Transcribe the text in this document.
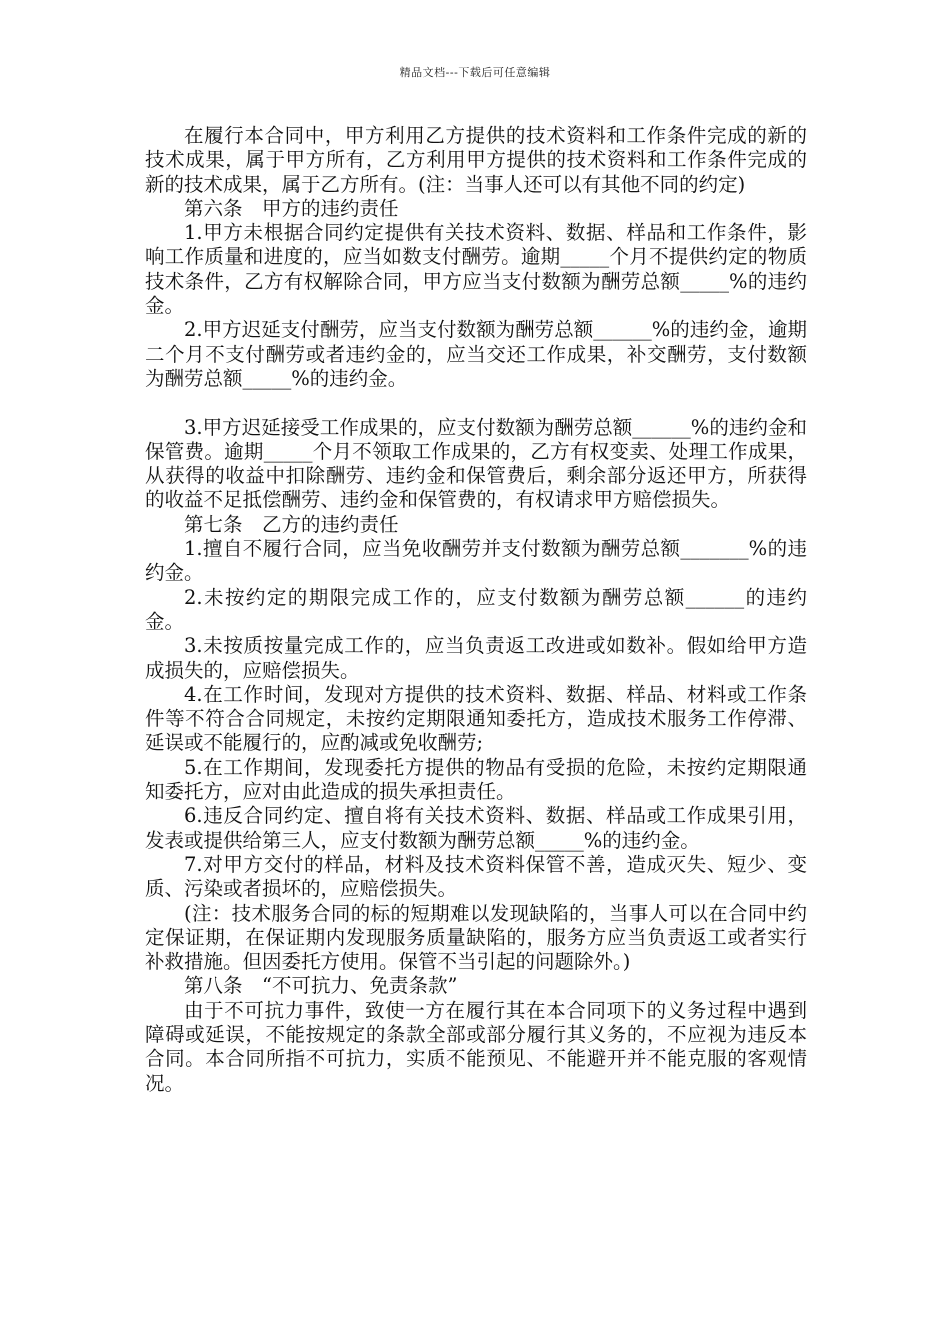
精品文档---下载后可任意编辑

在履行本合同中，甲方利用乙方提供的技术资料和工作条件完成的新的技术成果，属于甲方所有，乙方利用甲方提供的技术资料和工作条件完成的新的技术成果，属于乙方所有。(注：当事人还可以有其他不同的约定)

第六条　甲方的违约责任

1.甲方未根据合同约定提供有关技术资料、数据、样品和工作条件，影响工作质量和进度的，应当如数支付酬劳。逾期_____个月不提供约定的物质技术条件，乙方有权解除合同，甲方应当支付数额为酬劳总额_____%的违约金。

2.甲方迟延支付酬劳，应当支付数额为酬劳总额______%的违约金，逾期二个月不支付酬劳或者违约金的，应当交还工作成果，补交酬劳，支付数额为酬劳总额_____%的违约金。

3.甲方迟延接受工作成果的，应支付数额为酬劳总额______%的违约金和保管费。逾期_____个月不领取工作成果的，乙方有权变卖、处理工作成果，从获得的收益中扣除酬劳、违约金和保管费后，剩余部分返还甲方，所获得的收益不足抵偿酬劳、违约金和保管费的，有权请求甲方赔偿损失。

第七条　乙方的违约责任

1.擅自不履行合同，应当免收酬劳并支付数额为酬劳总额_______%的违约金。

2.未按约定的期限完成工作的，应支付数额为酬劳总额______的违约金。

3.未按质按量完成工作的，应当负责返工改进或如数补。假如给甲方造成损失的，应赔偿损失。

4.在工作时间，发现对方提供的技术资料、数据、样品、材料或工作条件等不符合合同规定，未按约定期限通知委托方，造成技术服务工作停滞、延误或不能履行的，应酌减或免收酬劳;

5.在工作期间，发现委托方提供的物品有受损的危险，未按约定期限通知委托方，应对由此造成的损失承担责任。

6.违反合同约定、擅自将有关技术资料、数据、样品或工作成果引用，发表或提供给第三人，应支付数额为酬劳总额_____%的违约金。

7.对甲方交付的样品，材料及技术资料保管不善，造成灭失、短少、变质、污染或者损坏的，应赔偿损失。

(注：技术服务合同的标的短期难以发现缺陷的，当事人可以在合同中约定保证期，在保证期内发现服务质量缺陷的，服务方应当负责返工或者实行补救措施。但因委托方使用。保管不当引起的问题除外。)

第八条　“不可抗力、免责条款”

由于不可抗力事件，致使一方在履行其在本合同项下的义务过程中遇到障碍或延误，不能按规定的条款全部或部分履行其义务的，不应视为违反本合同。本合同所指不可抗力，实质不能预见、不能避开并不能克服的客观情况。
